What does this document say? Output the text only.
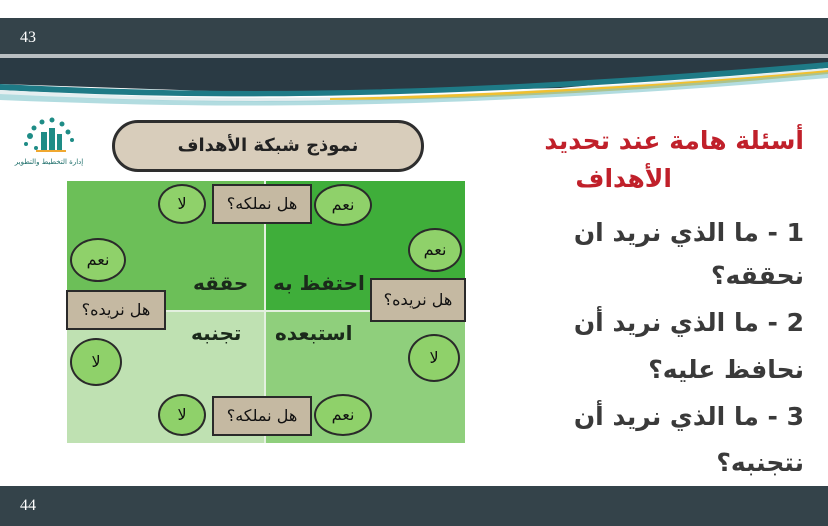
43
إدارة التخطيط والتطوير
نموذج شبكة الأهداف
حققه احتفظ به
تجنبه استبعده
هل نملكه؟
لا	نعم
هل نملكه؟
لا	نعم
هل نريده؟
نعم
لا
هل نريده؟
نعم
لا
أسئلة هامة عند تحديد
الأهداف
1 - ما الذي نريد ان
نحققه؟
2 - ما الذي نريد أن
نحافظ عليه؟
3 - ما الذي نريد أن
نتجنبه؟
44
